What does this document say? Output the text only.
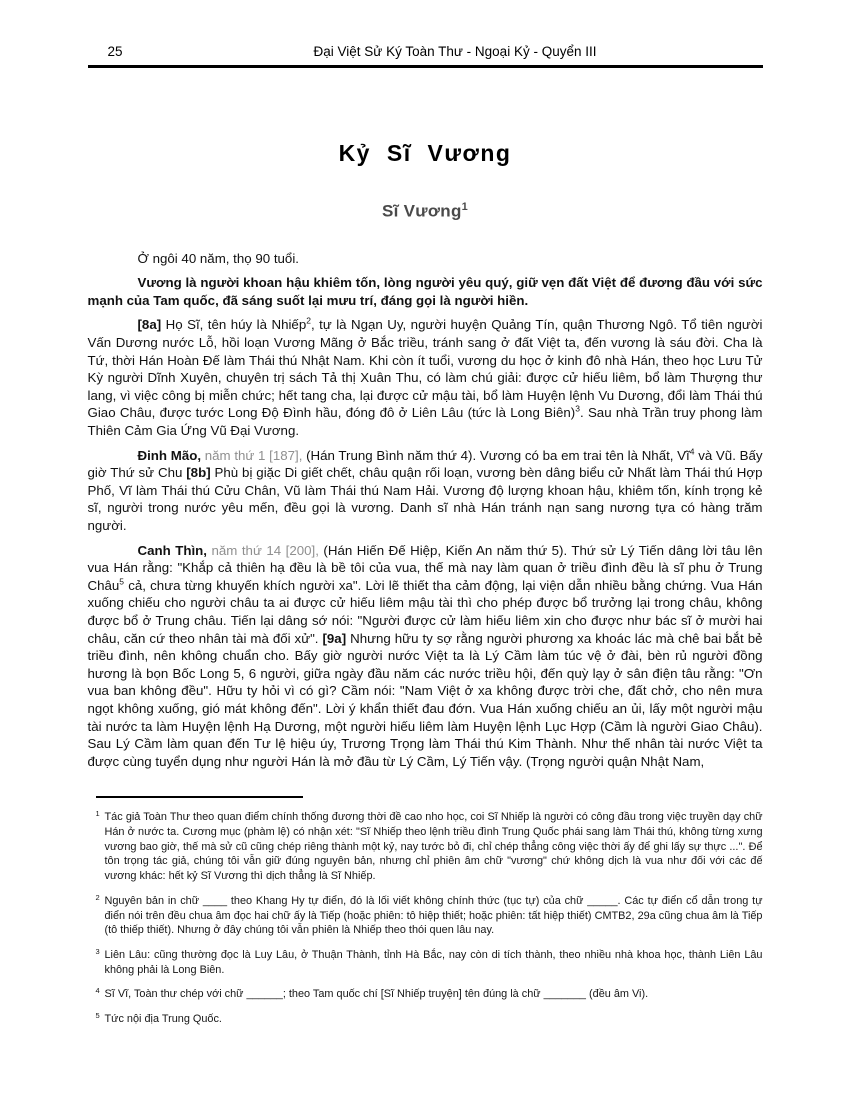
25	Đại Việt Sử Ký Toàn Thư - Ngoại Kỷ - Quyển III
Kỷ Sĩ Vương
Sĩ Vương$^1$

Ở ngôi 40 năm, thọ 90 tuổi.

Vương là người khoan hậu khiêm tốn, lòng người yêu quý, giữ vẹn đất Việt để đương đầu với sức mạnh của Tam quốc, đã sáng suốt lại mưu trí, đáng gọi là người hiền.

[8a] Họ Sĩ, tên húy là Nhiếp$^2$, tự là Ngạn Uy, người huyện Quảng Tín, quận Thương Ngô. Tổ tiên người Vấn Dương nước Lỗ, hồi loạn Vương Mãng ở Bắc triều, tránh sang ở đất Việt ta, đến vương là sáu đời. Cha là Tứ, thời Hán Hoàn Đế làm Thái thú Nhật Nam. Khi còn ít tuổi, vương du học ở kinh đô nhà Hán, theo học Lưu Tử Kỳ người Dĩnh Xuyên, chuyên trị sách Tả thị Xuân Thu, có làm chú giải: được cử hiếu liêm, bổ làm Thượng thư lang, vì việc công bị miễn chức; hết tang cha, lại được cử mậu tài, bổ làm Huyện lệnh Vu Dương, đổi làm Thái thú Giao Châu, được tước Long Độ Đình hầu, đóng đô ở Liên Lâu (tức là Long Biên)$^3$. Sau nhà Trần truy phong làm Thiên Cảm Gia Ứng Vũ Đại Vương.

Đinh Mão, năm thứ 1 [187], (Hán Trung Bình năm thứ 4). Vương có ba em trai tên là Nhất, $Vĩ^4$ và Vũ. Bấy giờ Thứ sử Chu [8b] Phù bị giặc Di giết chết, châu quận rối loạn, vương bèn dâng biểu cử Nhất làm Thái thú Hợp Phố, Vĩ làm Thái thú Cửu Chân, Vũ làm Thái thú Nam Hải. Vương độ lượng khoan hậu, khiêm tốn, kính trọng kẻ sĩ, người trong nước yêu mến, đều gọi là vương. Danh sĩ nhà Hán tránh nạn sang nương tựa có hàng trăm người.

Canh Thìn, năm thứ 14 [200], (Hán Hiến Đế Hiệp, Kiến An năm thứ 5). Thứ sử Lý Tiến dâng lời tâu lên vua Hán rằng: "Khắp cả thiên hạ đều là bề tôi của vua, thế mà nay làm quan ở triều đình đều là sĩ phu ở Trung Châu$^5$ cả, chưa từng khuyến khích người xa". Lời lẽ thiết tha cảm động, lại viện dẫn nhiều bằng chứng. Vua Hán xuống chiếu cho người châu ta ai được cử hiếu liêm mậu tài thì cho phép được bổ trưởng lại trong châu, không được bổ ở Trung châu. Tiến lại dâng sớ nói: "Người được cử làm hiếu liêm xin cho được như bác sĩ ở mười hai châu, căn cứ theo nhân tài mà đối xử". [9a] Nhưng hữu ty sợ rằng người phương xa khoác lác mà chê bai bắt bẻ triều đình, nên không chuẩn cho. Bấy giờ người nước Việt ta là Lý Cầm làm túc vệ ở đài, bèn rủ người đồng hương là bọn Bốc Long 5, 6 người, giữa ngày đầu năm các nước triều hội, đến quỳ lạy ở sân điện tâu rằng: "Ơn vua ban không đều". Hữu ty hỏi vì có gì? Cầm nói: "Nam Việt ở xa không được trời che, đất chở, cho nên mưa ngọt không xuống, gió mát không đến". Lời ý khẩn thiết đau đớn. Vua Hán xuống chiếu an ủi, lấy một người mậu tài nước ta làm Huyện lệnh Hạ Dương, một người hiếu liêm làm Huyện lệnh Lục Hợp (Cầm là người Giao Châu). Sau Lý Cầm làm quan đến Tư lệ hiệu úy, Trương Trọng làm Thái thú Kim Thành. Như thế nhân tài nước Việt ta được cùng tuyển dụng như người Hán là mở đầu từ Lý Cầm, Lý Tiến vậy. (Trọng người quận Nhật Nam,

1 Tác giả Toàn Thư theo quan điểm chính thống đương thời đề cao nho học, coi Sĩ Nhiếp là người có công đầu trong việc truyền dạy chữ Hán ở nước ta. Cương mục (phàm lệ) có nhận xét: "Sĩ Nhiếp theo lệnh triều đình Trung Quốc phái sang làm Thái thú, không từng xưng vương bao giờ, thế mà sử cũ cũng chép riêng thành một kỷ, nay tước bỏ đi, chỉ chép thẳng công việc thời ấy để ghi lấy sự thực ...". Để tôn trọng tác giả, chúng tôi vẫn giữ đúng nguyên bản, nhưng chỉ phiên âm chữ "vương" chứ không dịch là vua như đối với các đế vương khác: hết kỷ Sĩ Vương thì dịch thẳng là Sĩ Nhiếp.
2 Nguyên bản in chữ ____ theo Khang Hy tự điển, đó là lối viết không chính thức (tục tự) của chữ _____. Các tự điển cổ dẫn trong tự điển nói trên đều chua âm đọc hai chữ ấy là Tiếp (hoặc phiên: tô hiệp thiết; hoặc phiên: tất hiệp thiết) CMTB2, 29a cũng chua âm là Tiếp (tô thiếp thiết). Nhưng ở đây chúng tôi vẫn phiên là Nhiếp theo thói quen lâu nay.
3 Liên Lâu: cũng thường đọc là Luy Lâu, ở Thuận Thành, tỉnh Hà Bắc, nay còn di tích thành, theo nhiều nhà khoa học, thành Liên Lâu không phải là Long Biên.
4 Sĩ Vĩ, Toàn thư chép với chữ ______; theo Tam quốc chí [Sĩ Nhiếp truyện] tên đúng là chữ _______ (đều âm Vi).
5 Tức nội địa Trung Quốc.
